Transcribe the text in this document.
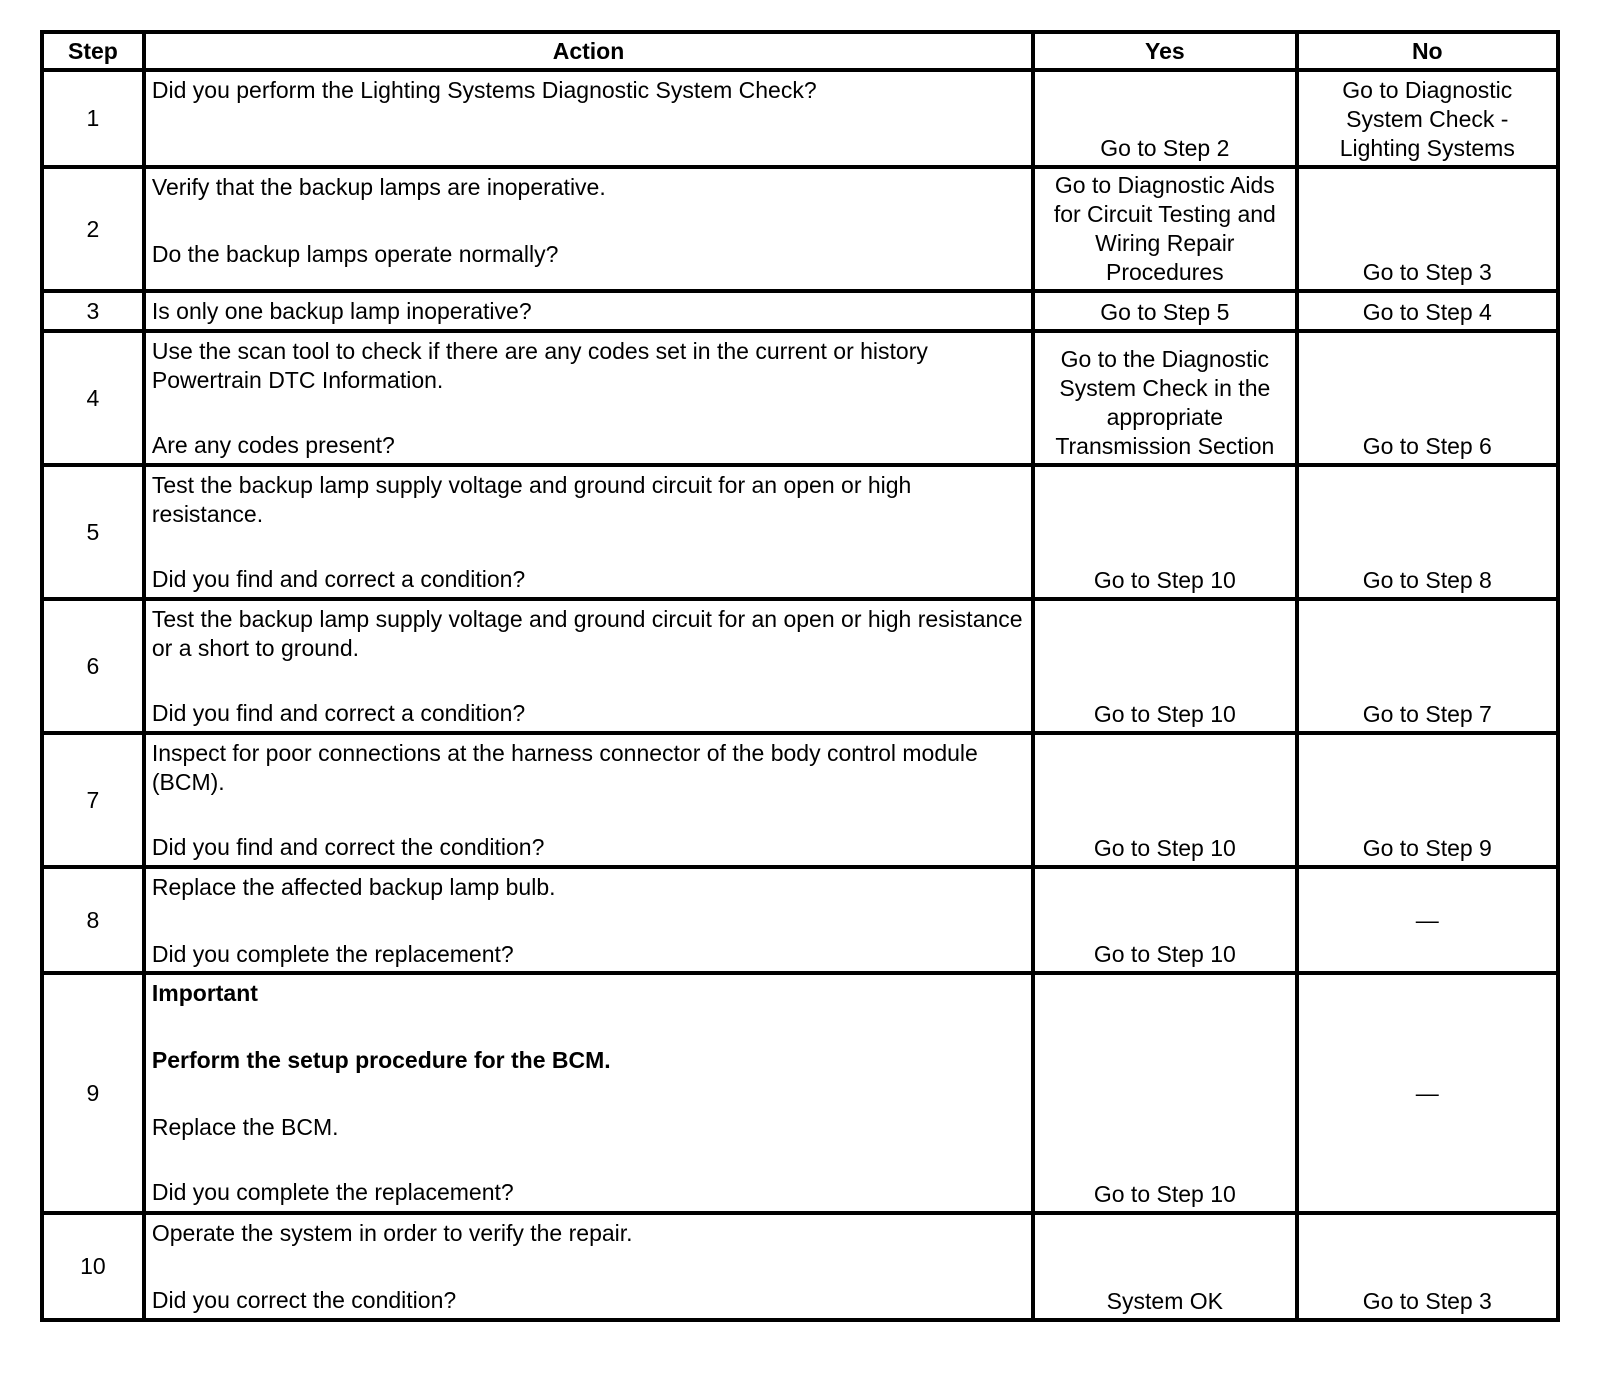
Step	Action	Yes	No
1	Did you perform the Lighting Systems Diagnostic System Check?	Go to Step 2	Go to Diagnostic System Check - Lighting Systems
2	Verify that the backup lamps are inoperative.
Do the backup lamps operate normally?	Go to Diagnostic Aids for Circuit Testing and Wiring Repair Procedures	Go to Step 3
3	Is only one backup lamp inoperative?	Go to Step 5	Go to Step 4
4	Use the scan tool to check if there are any codes set in the current or history Powertrain DTC Information.
Are any codes present?	Go to the Diagnostic System Check in the appropriate Transmission Section	Go to Step 6
5	Test the backup lamp supply voltage and ground circuit for an open or high resistance.
Did you find and correct a condition?	Go to Step 10	Go to Step 8
6	Test the backup lamp supply voltage and ground circuit for an open or high resistance or a short to ground.
Did you find and correct a condition?	Go to Step 10	Go to Step 7
7	Inspect for poor connections at the harness connector of the body control module (BCM).
Did you find and correct the condition?	Go to Step 10	Go to Step 9
8	Replace the affected backup lamp bulb.
Did you complete the replacement?	Go to Step 10	—
9	Important
Perform the setup procedure for the BCM.
Replace the BCM.
Did you complete the replacement?	Go to Step 10	—
10	Operate the system in order to verify the repair.
Did you correct the condition?	System OK	Go to Step 3
